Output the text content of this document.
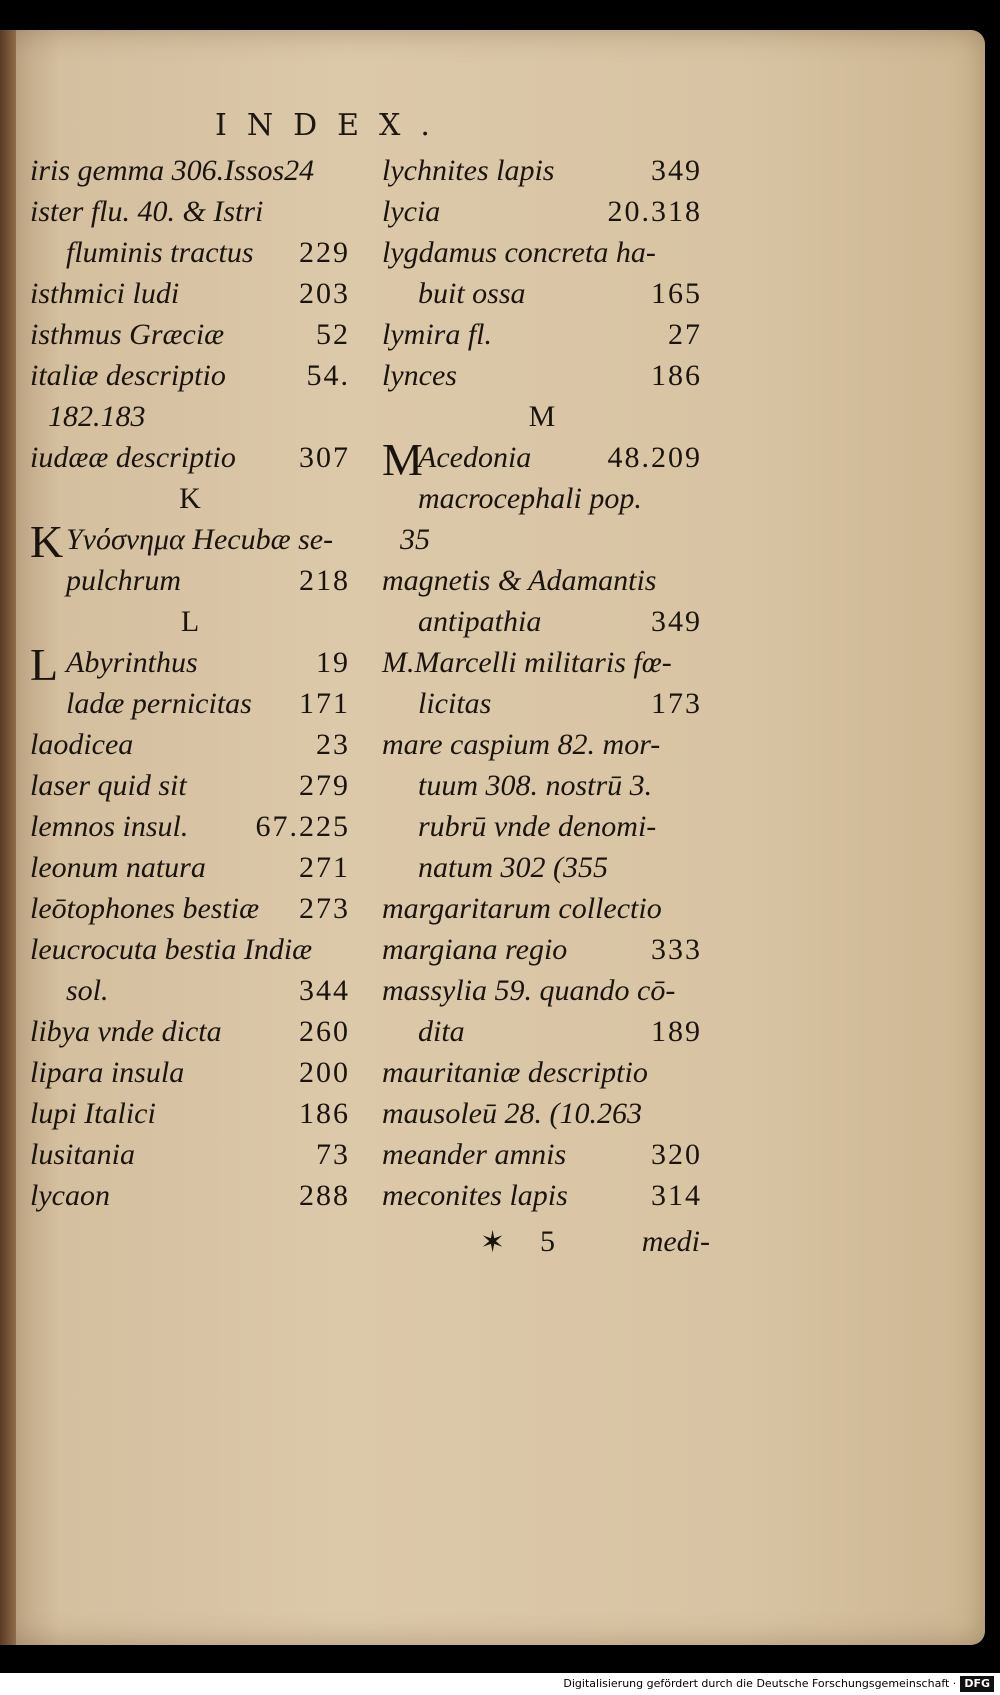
INDEX.
iris gemma 306.Issos24
ister flu. 40. & Istri
fluminis tractus 229
isthmici ludi	203
isthmus Græciæ	52
italiæ descriptio	54.
182.183
iudææ descriptio 307
K
K Υνόσνημα Hecubæ se-
pulchrum	218
L
L Abyrinthus	19
ladæ pernicitas 171
laodicea	23
laser quid sit	279
lemnos insul. 67.225
leonum natura	271
leōtophones bestiæ 273
leucrocuta bestia Indiæ
sol.	344
libya vnde dicta	260
lipara insula	200
lupi Italici	186
lusitania	73
lycaon	288
lychnites lapis	349
lycia	20.318
lygdamus concreta ha-
buit ossa	165
lymira fl.	27
lynces	186
M
M
Acedonia	48.209
macrocephali pop.
35
magnetis & Adamantis
antipathia	349
M.Marcelli militaris fœ-
licitas	173
mare caspium 82. mor-
tuum 308. nostrū 3.
rubrū vnde denomi-
natum 302 (355
margaritarum collectio
margiana regio	333
massylia 59. quando cō-
dita	189
mauritaniæ descriptio
mausoleū 28. (10.263
meander amnis	320
meconites lapis	314
✶ 5	medi-
Digitalisierung gefördert durch die Deutsche Forschungsgemeinschaft · DFG
